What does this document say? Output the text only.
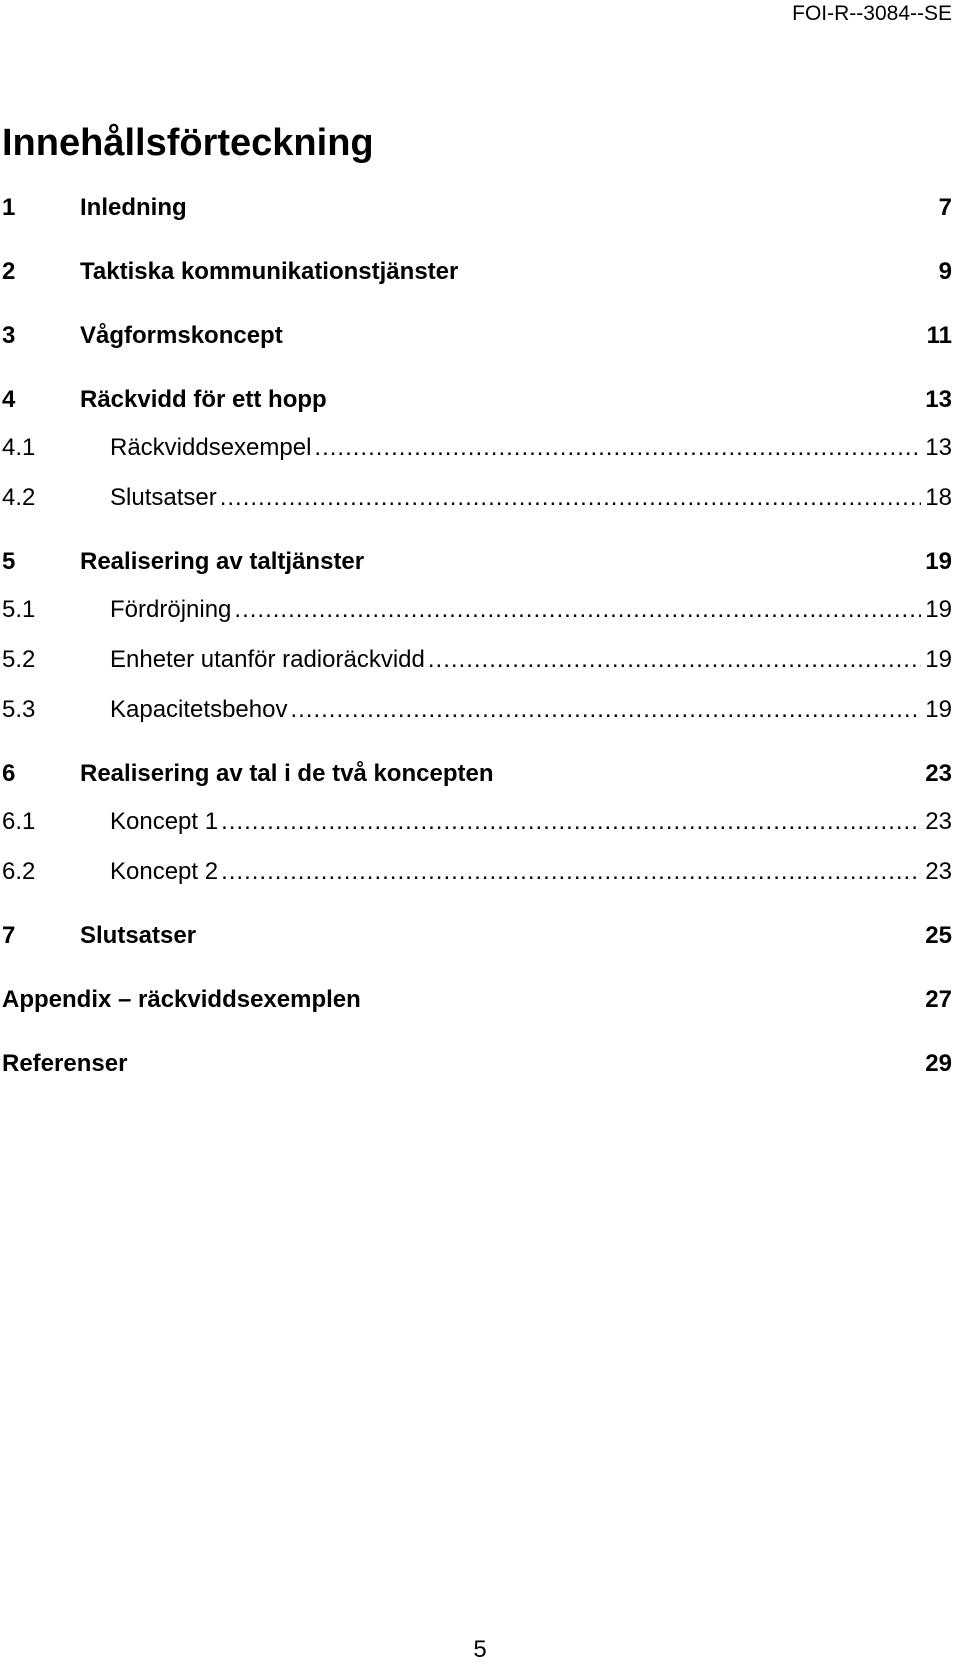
FOI-R--3084--SE
Innehållsförteckning
1	Inledning	7
2	Taktiska kommunikationstjänster	9
3	Vågformskoncept	11
4	Räckvidd för ett hopp	13
4.1	Räckviddsexempel .....	13
4.2	Slutsatser .....	18
5	Realisering av taltjänster	19
5.1	Fördröjning .....	19
5.2	Enheter utanför radioräckvidd .....	19
5.3	Kapacitetsbehov .....	19
6	Realisering av tal i de två koncepten	23
6.1	Koncept 1 .....	23
6.2	Koncept 2 .....	23
7	Slutsatser	25
Appendix – räckviddsexemplen	27
Referenser	29
5
